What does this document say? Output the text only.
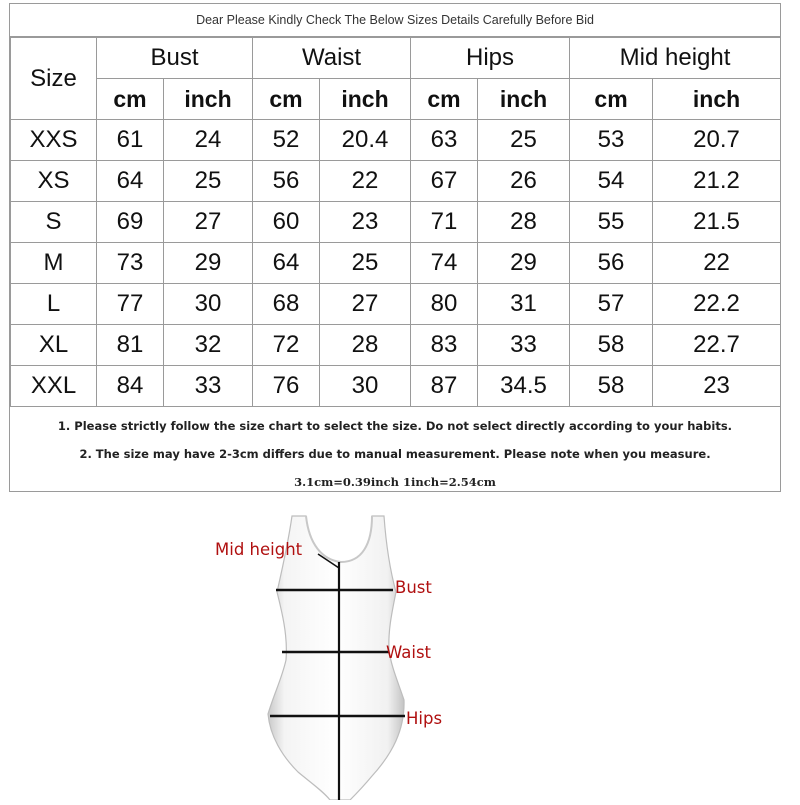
Dear Please Kindly Check The Below Sizes Details Carefully Before Bid
Size	Bust		Waist		Hips		Mid height	
	cm	inch	cm	inch	cm	inch	cm	inch
XXS	61	24	52	20.4	63	25	53	20.7
XS	64	25	56	22	67	26	54	21.2
S	69	27	60	23	71	28	55	21.5
M	73	29	64	25	74	29	56	22
L	77	30	68	27	80	31	57	22.2
XL	81	32	72	28	83	33	58	22.7
XXL	84	33	76	30	87	34.5	58	23
1. Please strictly follow the size chart to select the size. Do not select directly according to your habits.
2. The size may have 2-3cm differs due to manual measurement. Please note when you measure.
3.1cm=0.39inch 1inch=2.54cm
Mid height
Bust
Waist
Hips
